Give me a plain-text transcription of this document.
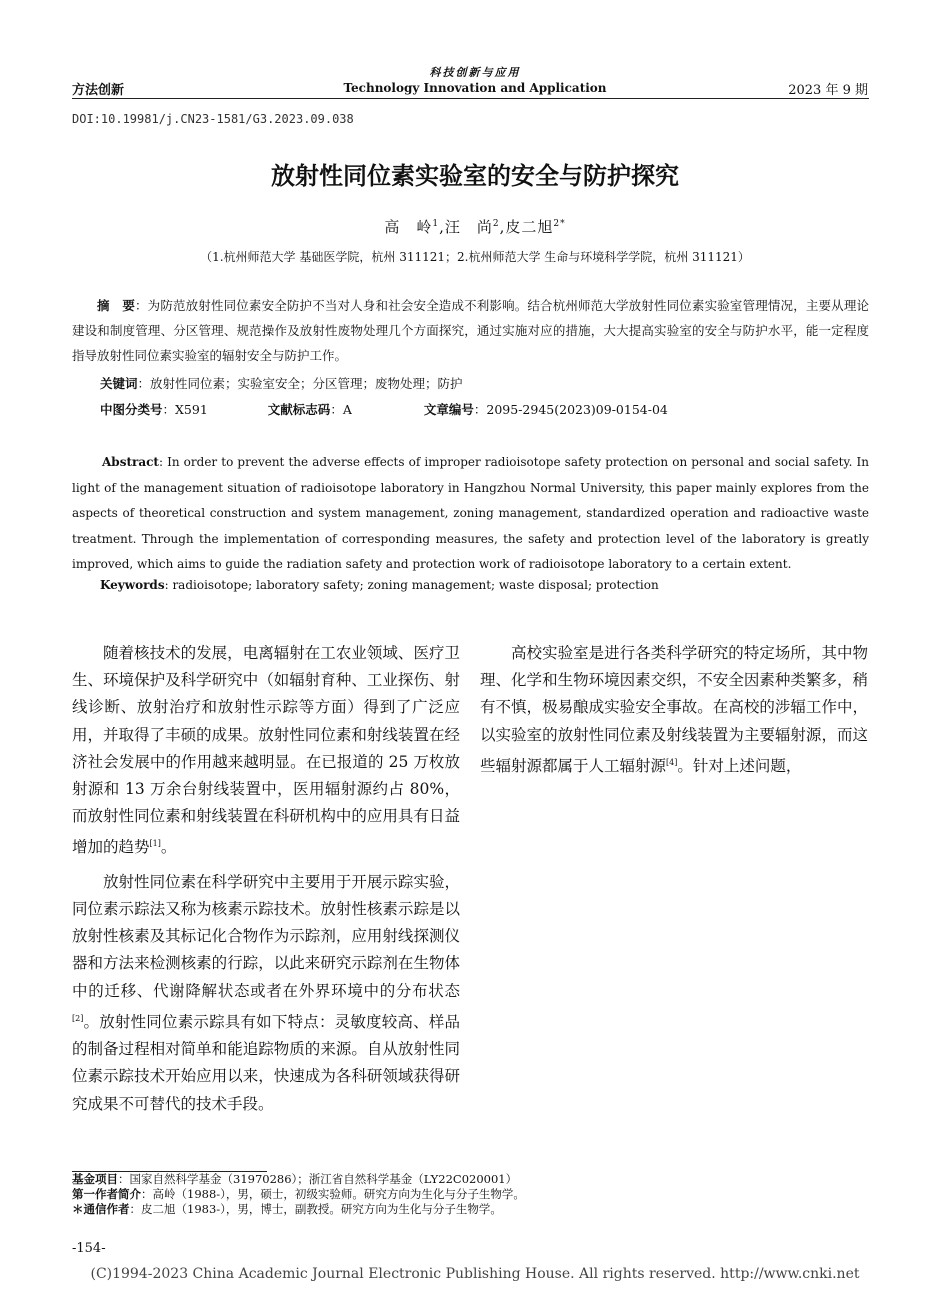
方法创新
科技创新与应用
Technology Innovation and Application	2023 年 9 期
DOI:10.19981/j.CN23-1581/G3.2023.09.038
放射性同位素实验室的安全与防护探究
高　岭$^1$,汪　尚$^2$,皮二旭$^{2*}$
（1.杭州师范大学 基础医学院，杭州 311121；2.杭州师范大学 生命与环境科学学院，杭州 311121）
摘　要：为防范放射性同位素安全防护不当对人身和社会安全造成不利影响。结合杭州师范大学放射性同位素实验室管理情况，主要从理论建设和制度管理、分区管理、规范操作及放射性废物处理几个方面探究，通过实施对应的措施，大大提高实验室的安全与防护水平，能一定程度指导放射性同位素实验室的辐射安全与防护工作。
关键词：放射性同位素；实验室安全；分区管理；废物处理；防护
中图分类号：X591	文献标志码：A	文章编号：2095-2945(2023)09-0154-04
Abstract: In order to prevent the adverse effects of improper radioisotope safety protection on personal and social safety. In light of the management situation of radioisotope laboratory in Hangzhou Normal University, this paper mainly explores from the aspects of theoretical construction and system management, zoning management, standardized operation and radioactive waste treatment. Through the implementation of corresponding measures, the safety and protection level of the laboratory is greatly improved, which aims to guide the radiation safety and protection work of radioisotope laboratory to a certain extent.
Keywords: radioisotope; laboratory safety; zoning management; waste disposal; protection

随着核技术的发展，电离辐射在工农业领域、医疗卫生、环境保护及科学研究中（如辐射育种、工业探伤、射线诊断、放射治疗和放射性示踪等方面）得到了广泛应用，并取得了丰硕的成果。放射性同位素和射线装置在经济社会发展中的作用越来越明显。在已报道的 25 万枚放射源和 13 万余台射线装置中，医用辐射源约占 80%，而放射性同位素和射线装置在科研机构中的应用具有日益增加的趋势[1]。

放射性同位素在科学研究中主要用于开展示踪实验，同位素示踪法又称为核素示踪技术。放射性核素示踪是以放射性核素及其标记化合物作为示踪剂，应用射线探测仪器和方法来检测核素的行踪，以此来研究示踪剂在生物体中的迁移、代谢降解状态或者在外界环境中的分布状态[2]。放射性同位素示踪具有如下特点：灵敏度较高、样品的制备过程相对简单和能追踪物质的来源。自从放射性同位素示踪技术开始应用以来，快速成为各科研领域获得研究成果不可替代的技术手段。

高校实验室是进行各类科学研究的特定场所，其中物理、化学和生物环境因素交织，不安全因素种类繁多，稍有不慎，极易酿成实验安全事故。在高校的涉辐工作中，以实验室的放射性同位素及射线装置为主要辐射源，而这些辐射源都属于人工辐射源[4]。针对上述问题，

基金项目：国家自然科学基金（31970286）；浙江省自然科学基金（LY22C020001）
第一作者简介：高岭（1988-），男，硕士，初级实验师。研究方向为生化与分子生物学。
＊通信作者：皮二旭（1983-），男，博士，副教授。研究方向为生化与分子生物学。
-154-
(C)1994-2023 China Academic Journal Electronic Publishing House. All rights reserved. http://www.cnki.net
